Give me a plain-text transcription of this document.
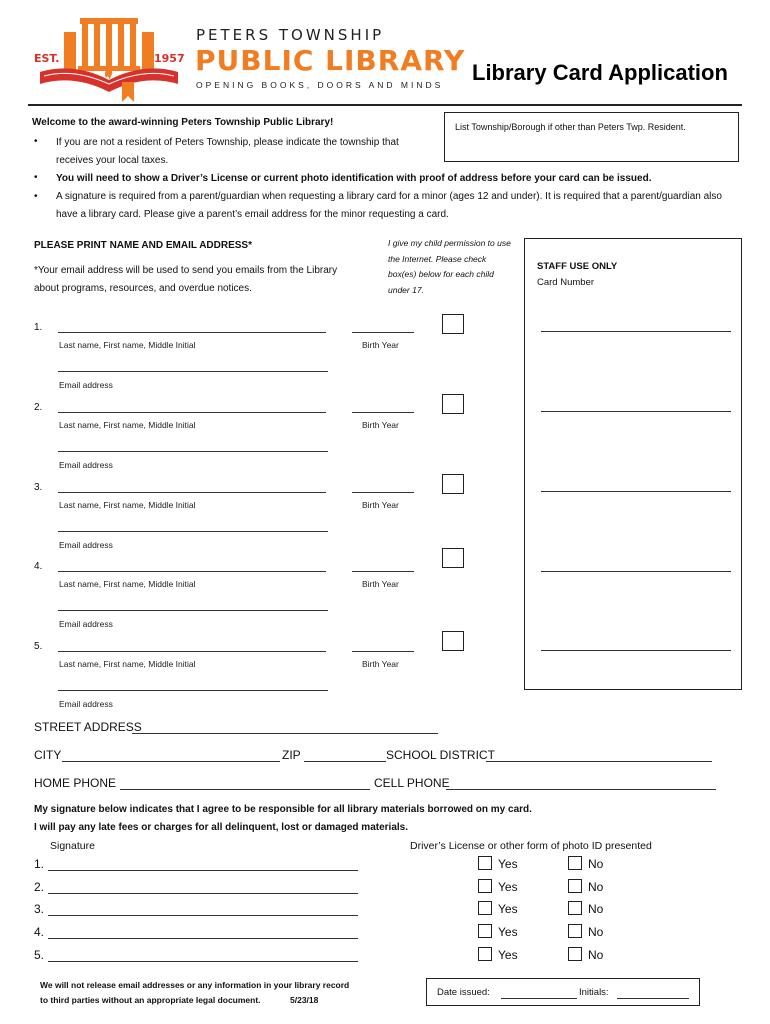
EST.	1957
PETERS TOWNSHIP
PUBLIC LIBRARY
OPENING BOOKS, DOORS AND MINDS Library Card Application
Welcome to the award-winning Peters Township Public Library!
• If you are not a resident of Peters Township, please indicate the township that receives your local taxes.
• You will need to show a Driver’s License or current photo identification with proof of address before your card can be issued.
• A signature is required from a parent/guardian when requesting a library card for a minor (ages 12 and under). It is required that a parent/guardian also have a library card. Please give a parent’s email address for the minor requesting a card.
List Township/Borough if other than Peters Twp. Resident.
PLEASE PRINT NAME AND EMAIL ADDRESS*
*Your email address will be used to send you emails from the Library about programs, resources, and overdue notices.
I give my child permission to use the Internet. Please check box(es) below for each child under 17.
STAFF USE ONLY
Card Number
1.
Last name, First name, Middle Initial	Birth Year
Email address
2.
Last name, First name, Middle Initial	Birth Year
Email address
3.
Last name, First name, Middle Initial	Birth Year
Email address
4.
Last name, First name, Middle Initial	Birth Year
Email address
5.
Last name, First name, Middle Initial	Birth Year
Email address
STREET ADDRESS
CITY	ZIP	SCHOOL DISTRICT
HOME PHONE	CELL PHONE
My signature below indicates that I agree to be responsible for all library materials borrowed on my card.
I will pay any late fees or charges for all delinquent, lost or damaged materials.
Signature	Driver’s License or other form of photo ID presented
1.	Yes	No
2.	Yes	No
3.	Yes	No
4.	Yes	No
5.	Yes	No
We will not release email addresses or any information in your library record
to third parties without an appropriate legal document.	5/23/18
Date issued:	Initials:
